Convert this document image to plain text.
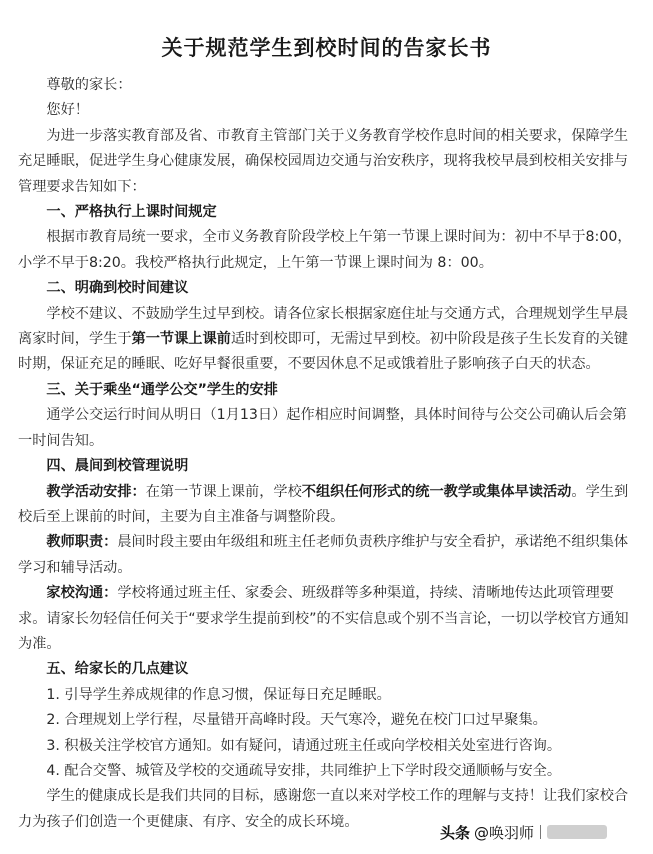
关于规范学生到校时间的告家长书

尊敬的家长：

您好！

为进一步落实教育部及省、市教育主管部门关于义务教育学校作息时间的相关要求，保障学生充足睡眠，促进学生身心健康发展，确保校园周边交通与治安秩序，现将我校早晨到校相关安排与管理要求告知如下：

一、严格执行上课时间规定

根据市教育局统一要求，全市义务教育阶段学校上午第一节课上课时间为：初中不早于8:00，小学不早于8:20。我校严格执行此规定，上午第一节课上课时间为 8：00。

二、明确到校时间建议

学校不建议、不鼓励学生过早到校。请各位家长根据家庭住址与交通方式，合理规划学生早晨离家时间，学生于第一节课上课前适时到校即可，无需过早到校。初中阶段是孩子生长发育的关键时期，保证充足的睡眠、吃好早餐很重要，不要因休息不足或饿着肚子影响孩子白天的状态。

三、关于乘坐“通学公交”学生的安排

通学公交运行时间从明日（1月13日）起作相应时间调整，具体时间待与公交公司确认后会第一时间告知。

四、晨间到校管理说明

教学活动安排：在第一节课上课前，学校不组织任何形式的统一教学或集体早读活动。学生到校后至上课前的时间，主要为自主准备与调整阶段。

教师职责：晨间时段主要由年级组和班主任老师负责秩序维护与安全看护，承诺绝不组织集体学习和辅导活动。

家校沟通：学校将通过班主任、家委会、班级群等多种渠道，持续、清晰地传达此项管理要求。请家长勿轻信任何关于“要求学生提前到校”的不实信息或个别不当言论，一切以学校官方通知为准。

五、给家长的几点建议

1. 引导学生养成规律的作息习惯，保证每日充足睡眠。

2. 合理规划上学行程，尽量错开高峰时段。天气寒冷，避免在校门口过早聚集。

3. 积极关注学校官方通知。如有疑问，请通过班主任或向学校相关处室进行咨询。

4. 配合交警、城管及学校的交通疏导安排，共同维护上下学时段交通顺畅与安全。

学生的健康成长是我们共同的目标，感谢您一直以来对学校工作的理解与支持！让我们家校合力为孩子们创造一个更健康、有序、安全的成长环境。

头条 @唤羽师
